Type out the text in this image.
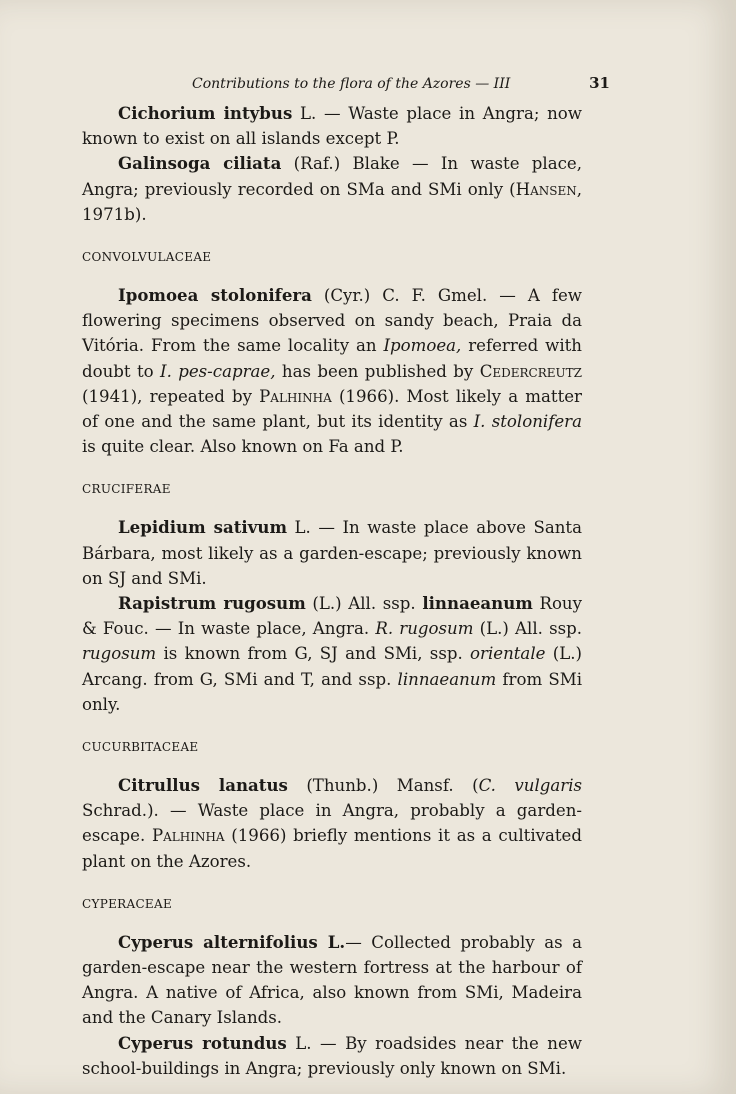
Contributions to the flora of the Azores — III	31

Cichorium intybus L. — Waste place in Angra; now known to exist on all islands except P.

Galinsoga ciliata (Raf.) Blake — In waste place, Angra; previously recorded on SMa and SMi only (Hansen, 1971b).

CONVOLVULACEAE

Ipomoea stolonifera (Cyr.) C. F. Gmel. — A few flowering specimens observed on sandy beach, Praia da Vitória. From the same locality an Ipomoea, referred with doubt to I. pes-caprae, has been published by Cedercreutz (1941), repeated by Palhinha (1966). Most likely a matter of one and the same plant, but its identity as I. stolonifera is quite clear. Also known on Fa and P.

CRUCIFERAE

Lepidium sativum L. — In waste place above Santa Bárbara, most likely as a garden-escape; previously known on SJ and SMi.

Rapistrum rugosum (L.) All. ssp. linnaeanum Rouy & Fouc. — In waste place, Angra. R. rugosum (L.) All. ssp. rugosum is known from G, SJ and SMi, ssp. orientale (L.) Arcang. from G, SMi and T, and ssp. linnaeanum from SMi only.

CUCURBITACEAE

Citrullus lanatus (Thunb.) Mansf. (C. vulgaris Schrad.). — Waste place in Angra, probably a garden-escape. Palhinha (1966) briefly mentions it as a cultivated plant on the Azores.

CYPERACEAE

Cyperus alternifolius L.— Collected probably as a garden-escape near the western fortress at the harbour of Angra. A native of Africa, also known from SMi, Madeira and the Canary Islands.

Cyperus rotundus L. — By roadsides near the new school-buildings in Angra; previously only known on SMi.
